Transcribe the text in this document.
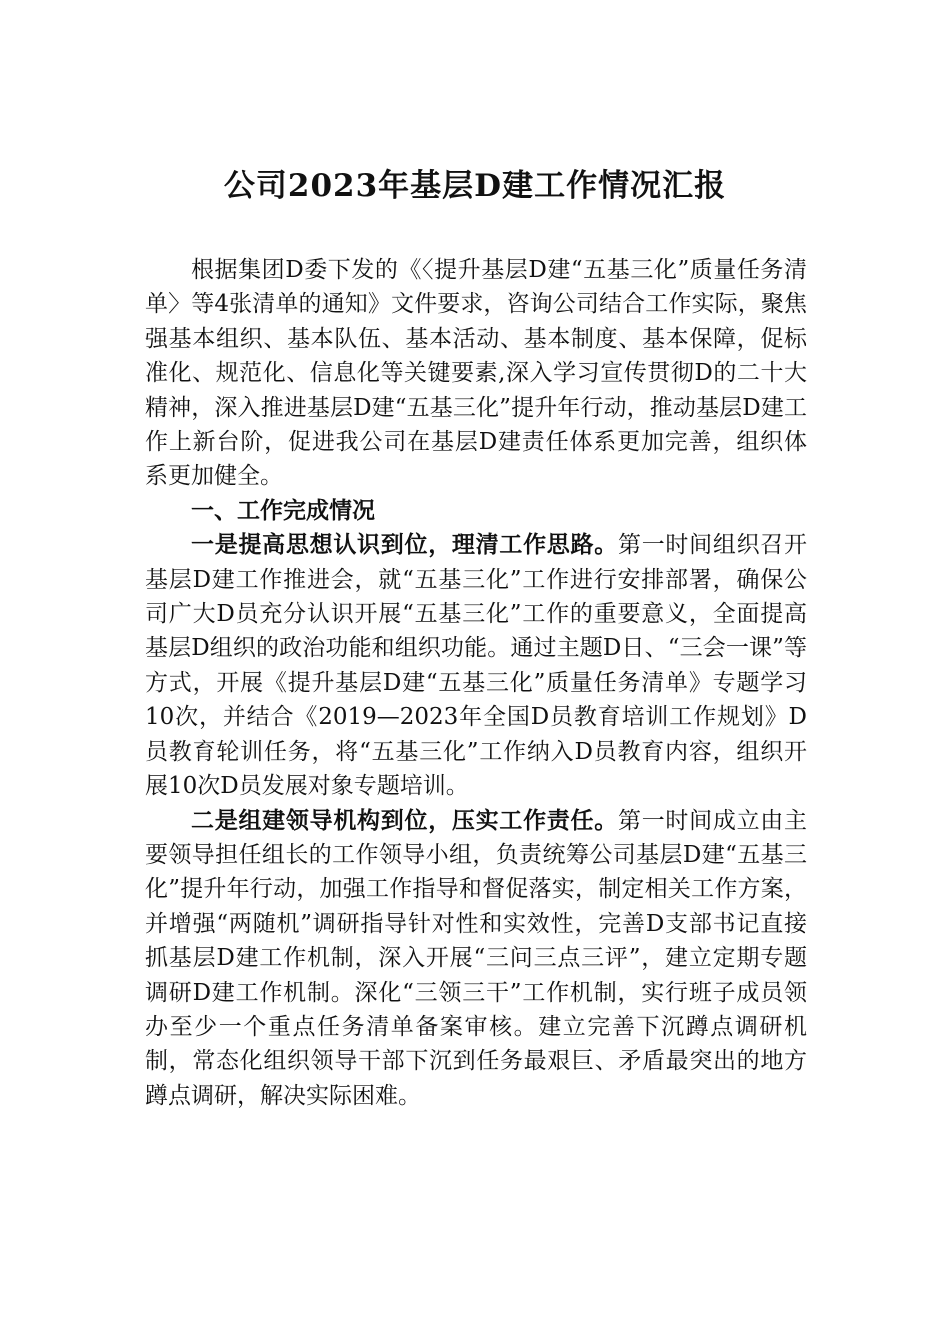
公司2023年基层D建工作情况汇报

根据集团D委下发的《〈提升基层D建“五基三化”质量任务清单〉等4张清单的通知》文件要求，咨询公司结合工作实际，聚焦强基本组织、基本队伍、基本活动、基本制度、基本保障，促标准化、规范化、信息化等关键要素,深入学习宣传贯彻D的二十大精神，深入推进基层D建“五基三化”提升年行动，推动基层D建工作上新台阶，促进我公司在基层D建责任体系更加完善，组织体系更加健全。

一、工作完成情况

一是提高思想认识到位，理清工作思路。第一时间组织召开基层D建工作推进会，就“五基三化”工作进行安排部署，确保公司广大D员充分认识开展“五基三化”工作的重要意义，全面提高基层D组织的政治功能和组织功能。通过主题D日、“三会一课”等方式，开展《提升基层D建“五基三化”质量任务清单》专题学习10次，并结合《2019—2023年全国D员教育培训工作规划》D员教育轮训任务，将“五基三化”工作纳入D员教育内容，组织开展10次D员发展对象专题培训。

二是组建领导机构到位，压实工作责任。第一时间成立由主要领导担任组长的工作领导小组，负责统筹公司基层D建“五基三化”提升年行动，加强工作指导和督促落实，制定相关工作方案，并增强“两随机”调研指导针对性和实效性，完善D支部书记直接抓基层D建工作机制，深入开展“三问三点三评”，建立定期专题调研D建工作机制。深化“三领三干”工作机制，实行班子成员领办至少一个重点任务清单备案审核。建立完善下沉蹲点调研机制，常态化组织领导干部下沉到任务最艰巨、矛盾最突出的地方蹲点调研，解决实际困难。
